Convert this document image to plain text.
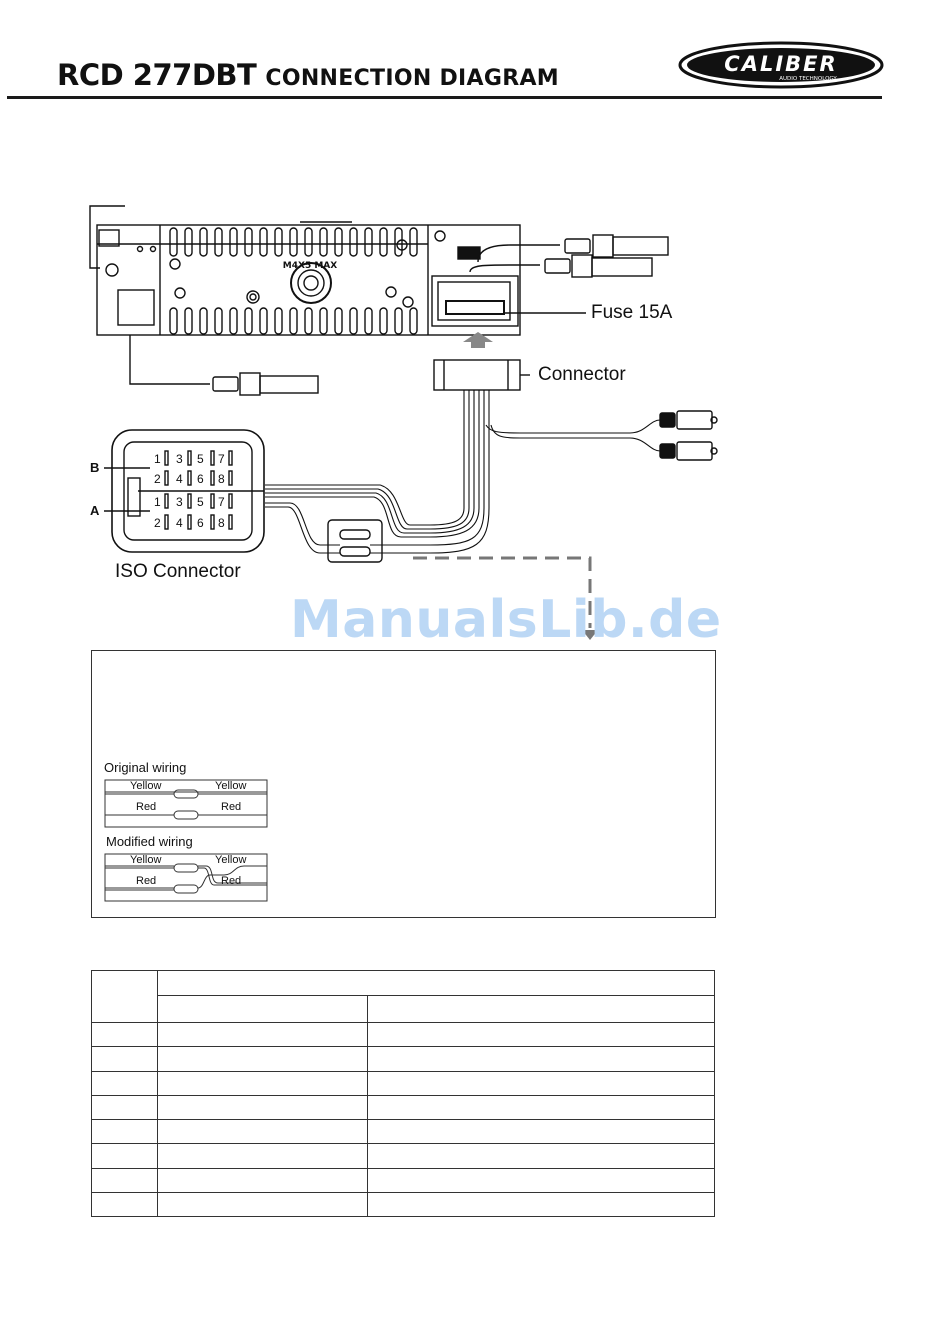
RCD 277DBT CONNECTION DIAGRAM
CALIBER
AUDIO TECHNOLOGY
M4X5 MAX
1 3 5 7
2 4 6 8
1 3 5 7
2 4 6 8
Fuse 15A
Connector
ISO Connector
B
A
ManualsLib.de
Original wiring
Yellow	Yellow
Red	Red
Modified wiring
Yellow	Yellow
Red	Red
